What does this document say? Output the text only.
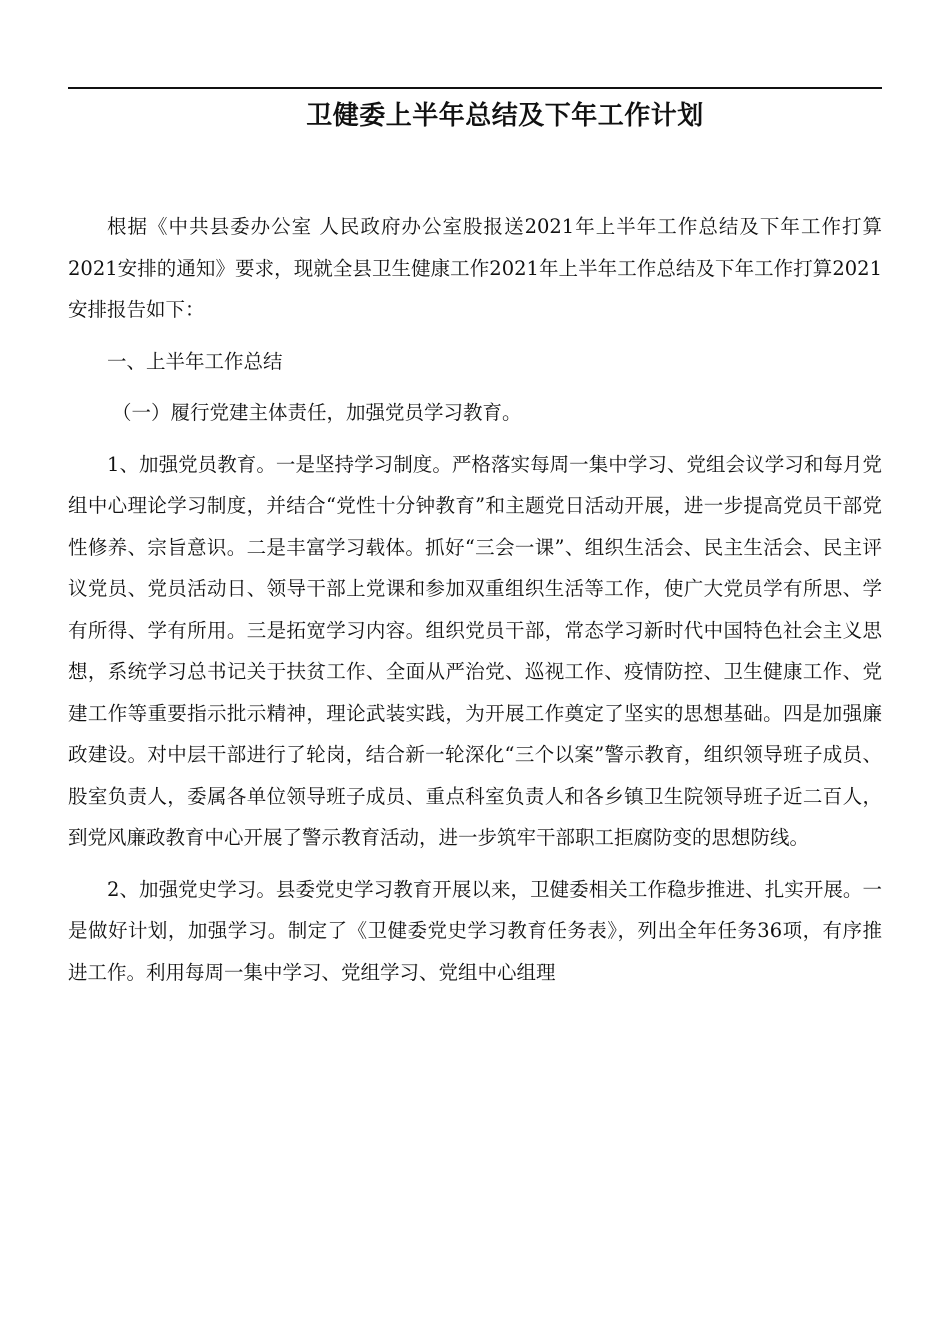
卫健委上半年总结及下年工作计划

根据《中共县委办公室 人民政府办公室股报送2021年上半年工作总结及下年工作打算2021安排的通知》要求，现就全县卫生健康工作2021年上半年工作总结及下年工作打算2021安排报告如下：

一、上半年工作总结

（一）履行党建主体责任，加强党员学习教育。

1、加强党员教育。一是坚持学习制度。严格落实每周一集中学习、党组会议学习和每月党组中心理论学习制度，并结合“党性十分钟教育”和主题党日活动开展，进一步提高党员干部党性修养、宗旨意识。二是丰富学习载体。抓好“三会一课”、组织生活会、民主生活会、民主评议党员、党员活动日、领导干部上党课和参加双重组织生活等工作，使广大党员学有所思、学有所得、学有所用。三是拓宽学习内容。组织党员干部，常态学习新时代中国特色社会主义思想，系统学习总书记关于扶贫工作、全面从严治党、巡视工作、疫情防控、卫生健康工作、党建工作等重要指示批示精神，理论武装实践，为开展工作奠定了坚实的思想基础。四是加强廉政建设。对中层干部进行了轮岗，结合新一轮深化“三个以案”警示教育，组织领导班子成员、股室负责人，委属各单位领导班子成员、重点科室负责人和各乡镇卫生院领导班子近二百人，到党风廉政教育中心开展了警示教育活动，进一步筑牢干部职工拒腐防变的思想防线。

2、加强党史学习。县委党史学习教育开展以来，卫健委相关工作稳步推进、扎实开展。一是做好计划，加强学习。制定了《卫健委党史学习教育任务表》，列出全年任务36项，有序推进工作。利用每周一集中学习、党组学习、党组中心组理
